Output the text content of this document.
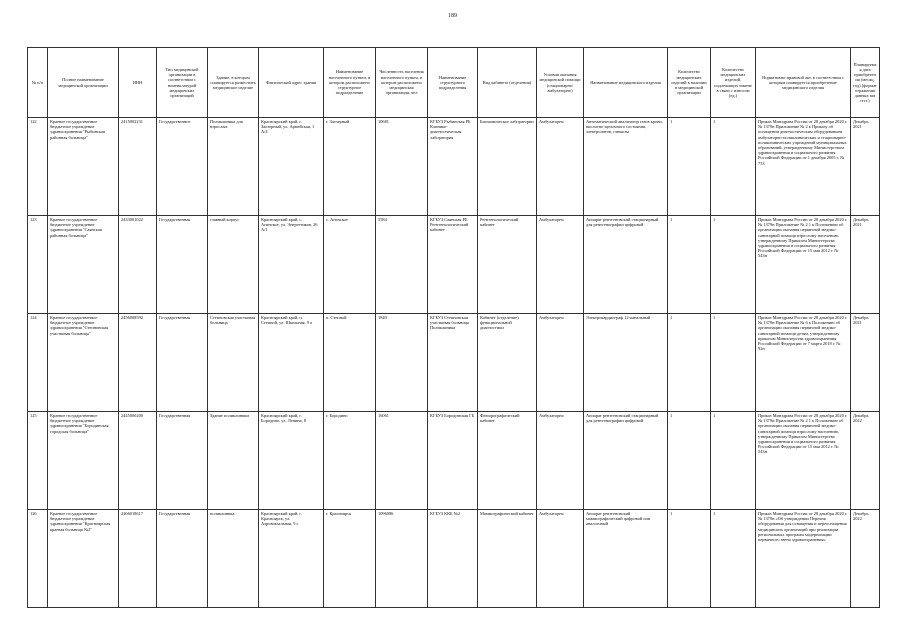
189
№ п/п	Полное наименование медицинской организации	ИНН	Тип медицинской организации в соответствии с номенклатурой медицинских организаций	Здание, в котором планируется разместить медицинское изделие	Фактический адрес здания	Наименование населенного пункта, в котором расположено структурное подразделение	Численность населения населенного пункта, в котором расположено медицинская организация, чел	Наименование структурного подразделения	Вид кабинета (отделения)	Условия оказания медицинской помощи (стационарно/амбулаторно)	Наименование медицинского изделия	Количество медицинских изделий в наличии в медицинской организации	Количество медицинских изделий, подлежащих замене в связи с износом (ед.)	Нормативно-правовой акт, в соответствии с которым планируется приобретение медицинского изделия	Планируемая дата приобретения (месяц, год) (формат отражения данных мм гггг.)
122	Краевое государственное бюджетное учреждение здравоохранения "Рыбинская районная больница"	2415002231	Государственное	Поликлиника для взрослых	Красноярский край, г. Заозерный, ул. Армейская, 1 А/4	г. Заозерный	10681	КГБУЗ Рыбинская РБ Клинико-диагностическая лаборатория	Биохимическое лаборатории	Амбулаторно	Автоматический анализатор газов крови, кислотно-щелочного состояния, электролитов, глюкозы	1	1	Приказ Минздрава России от 28 декабря 2020 г. № 1379н Приложение № 2 к Приказу об оснащении диагностическим оборудованием амбулаторно-поликлинических и стационарно-поликлинических учреждений муниципальных образований, утвержденному Министерством здравоохранения и социального развития Российской Федерации от 1 декабря 2005 г. № 753	Декабрь 2021
123	Краевое государственное бюджетное учреждение здравоохранения "Саянская районная больница"	2433001022	Государственная	главный корпус	Красноярский край, с. Агинское, ул. Энергетиков, 26 А/1	с. Агинское	5584	КГБУЗ Саянская РБ Рентгенологический кабинет	Рентгенологический кабинет	Амбулаторно	Аппарат рентгеновский стационарный для рентгенографии цифровой	1	1	Приказ Минздрава России от 28 декабря 2020 г. № 1379н Приложение № 2 1 к Положению об организации оказания первичной медико-санитарной помощи взрослому населению, утвержденному Приказом Министерства здравоохранения и социального развития Российской Федерации от 15 мая 2012 г. № 543н	Декабрь 2021
124	Краевое государственное бюджетное учреждение здравоохранения "Степновская участковая больница"	2456008592	Государственная	Степновская участковая больница	Красноярский край, п. Степной, ул. Школьная, 9 а	п. Степной	1840	КГБУЗ Степновская участковая больница Поликлиника	Кабинет (отделение) функциональной диагностики	Амбулаторно	Электрокардиограф 12-канальный	1	1	Приказ Минздрава России от 28 декабря 2020 г. № 1379н Приложение № 6 к Положению об организации оказания первичной медико-санитарной помощи детям, утвержденному приказом Министерства здравоохранения Российской Федерации от 7 марта 2018 г. № 92н	Декабрь 2021
125	Краевое государственное бюджетное учреждение здравоохранения "Бородинская городская больница"	2445000200	Государственная	Здание поликлиники	Красноярский край, г. Бородино, ул. Ленина, 8	г. Бородино	16061	КГБУЗ Бородинская ГБ	Флюорографический кабинет	Амбулаторно	Аппарат рентгеновский стационарный для рентгенографии цифровой	1	1	Приказ Минздрава России от 28 декабря 2020 г. № 1379н Приложение № 2 1 к Положению об организации оказания первичной медико-санитарной помощи взрослому населению, утвержденному Приказом Министерства здравоохранения и социального развития Российской Федерации от 15 мая 2012 г. № 543н	Декабрь 2022
126	Краевое государственное бюджетное учреждение здравоохранения "Красноярская краевая больница №2"	2466018617	Государственная	поликлиника	Красноярский край, г. Красноярск, ул. Аэровокзальная, 9 г	г. Красноярск	1096086	КГБУЗ ККБ №2	Маммографический кабинет	Амбулаторно	Аппарат рентгеновский маммографический цифровой или аналоговый	1	1	Приказ Минздрава России от 28 декабря 2020 г. № 1379н «Об утверждении Перечня оборудования для оснащения и переоснащения медицинских организаций при реализации региональных программ модернизации первичного звена здравоохранения»	Декабрь 2022
